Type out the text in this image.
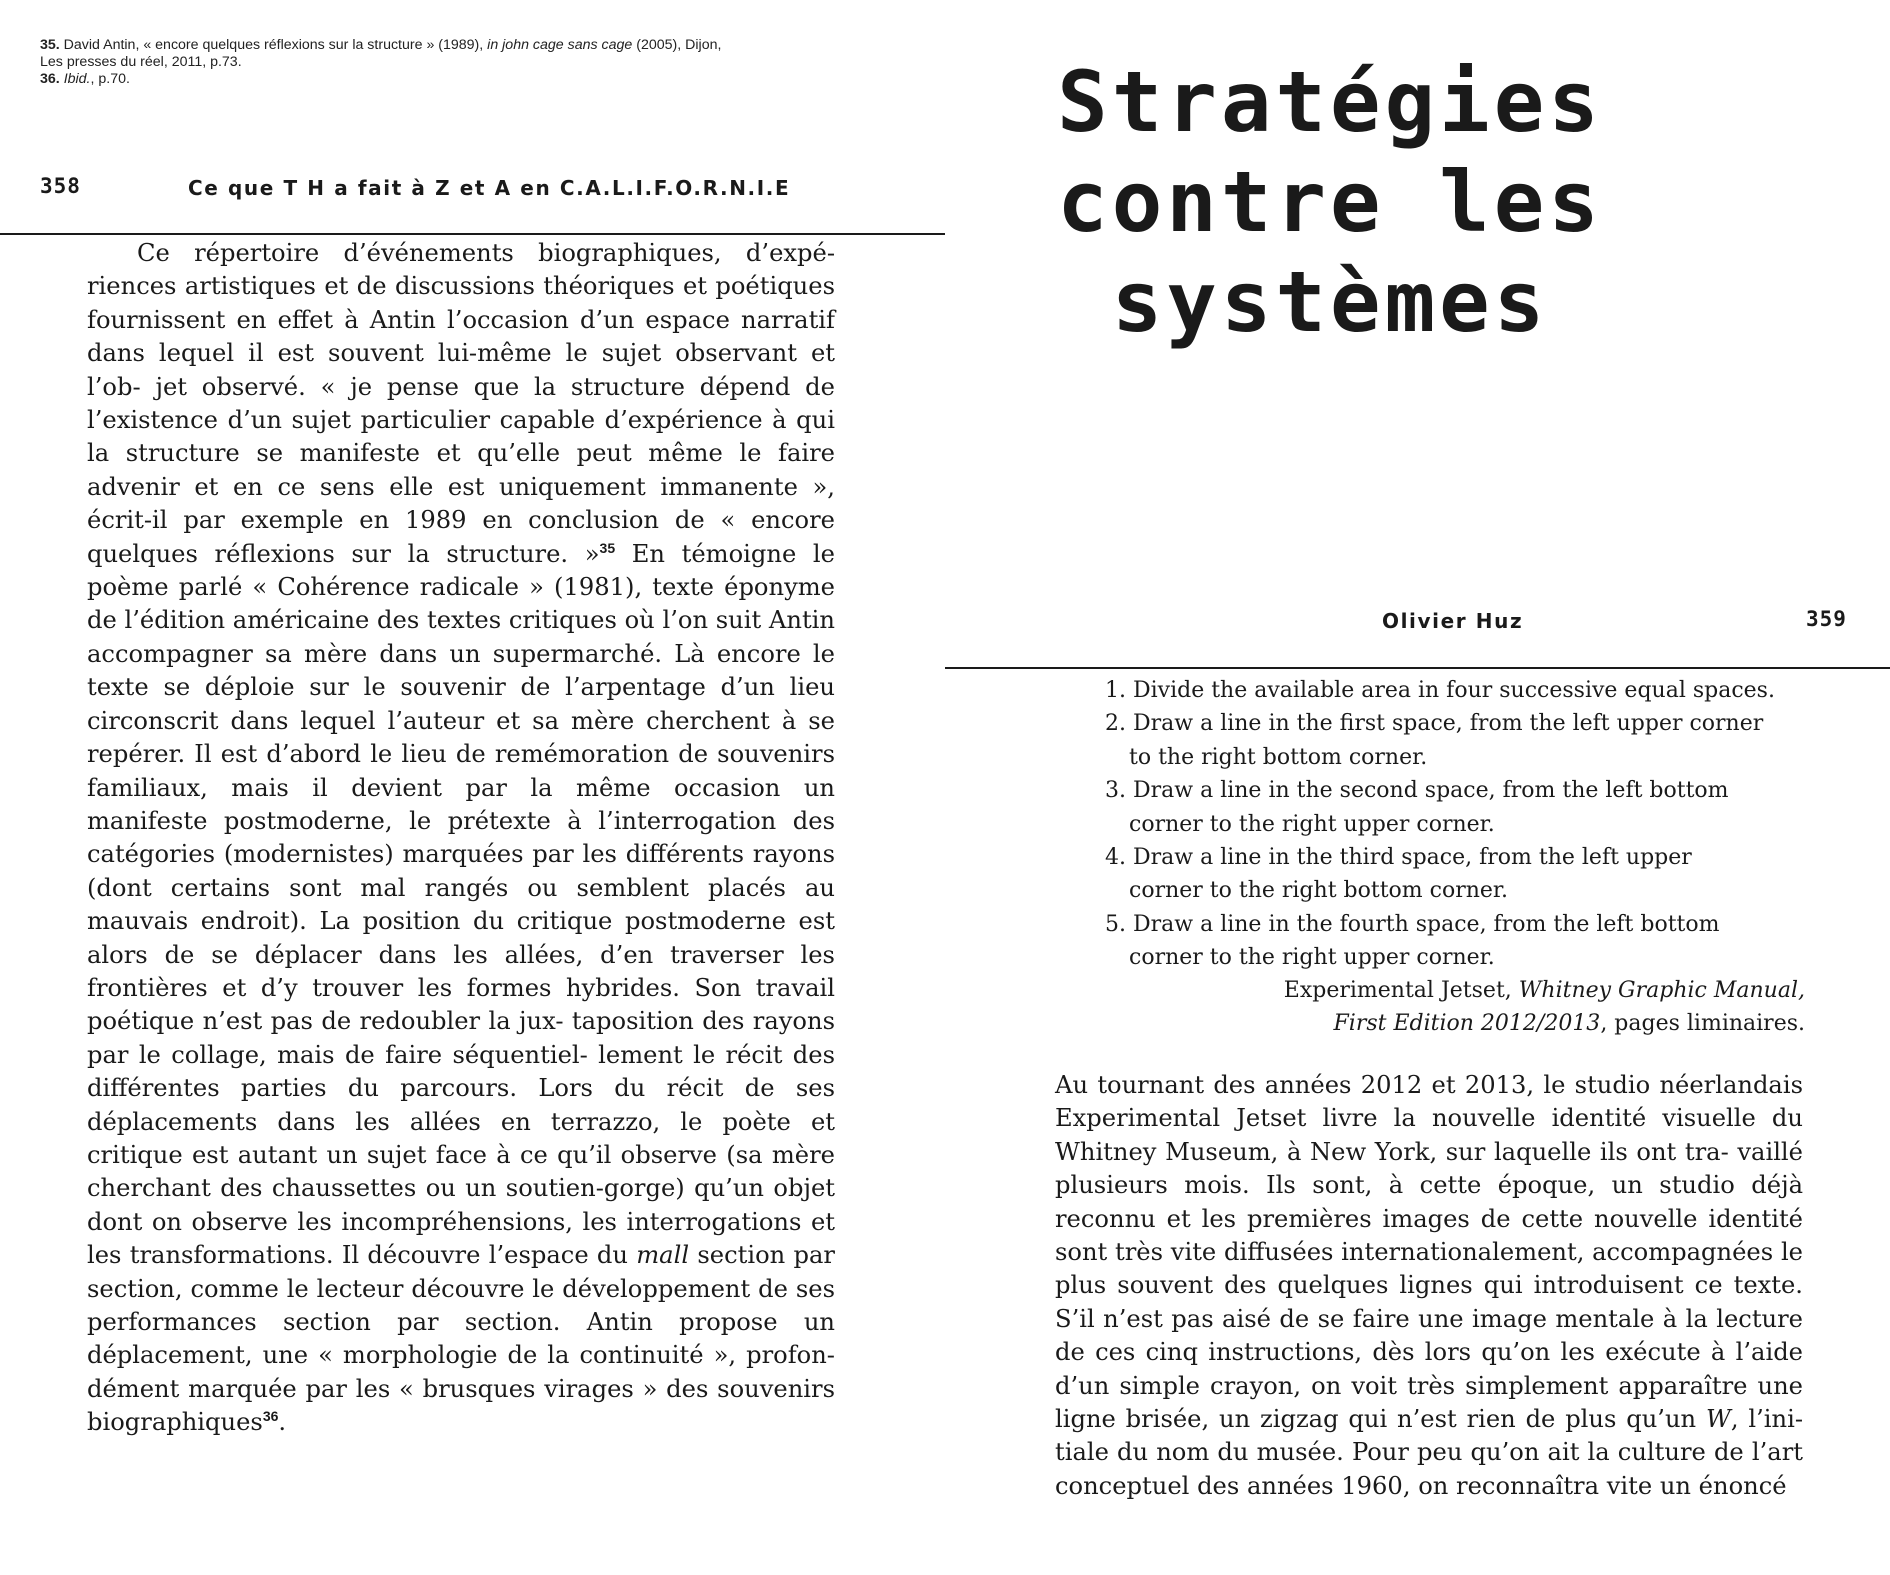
35. David Antin, « encore quelques réflexions sur la structure » (1989), in john cage sans cage (2005), Dijon,

Les presses du réel, 2011, p.73.

36. Ibid., p.70.

358	Ce que T H a fait à Z et A en C.A.L.I.F.O.R.N.I.E

Ce répertoire d’événements biographiques, d’expé- riences artistiques et de discussions théoriques et poétiques fournissent en effet à Antin l’occasion d’un espace narratif dans lequel il est souvent lui-même le sujet observant et l’ob- jet observé. « je pense que la structure dépend de l’existence d’un sujet particulier capable d’expérience à qui la structure se manifeste et qu’elle peut même le faire advenir et en ce sens elle est uniquement immanente », écrit-il par exemple en 1989 en conclusion de « encore quelques réflexions sur la structure. »$^{35}$ En témoigne le poème parlé « Cohérence radicale » (1981), texte éponyme de l’édition américaine des textes critiques où l’on suit Antin accompagner sa mère dans un supermarché. Là encore le texte se déploie sur le souvenir de l’arpentage d’un lieu circonscrit dans lequel l’auteur et sa mère cherchent à se repérer. Il est d’abord le lieu de remémoration de souvenirs familiaux, mais il devient par la même occasion un manifeste postmoderne, le prétexte à l’interrogation des catégories (modernistes) marquées par les différents rayons (dont certains sont mal rangés ou semblent placés au mauvais endroit). La position du critique postmoderne est alors de se déplacer dans les allées, d’en traverser les frontières et d’y trouver les formes hybrides. Son travail poétique n’est pas de redoubler la jux- taposition des rayons par le collage, mais de faire séquentiel- lement le récit des différentes parties du parcours. Lors du récit de ses déplacements dans les allées en terrazzo, le poète et critique est autant un sujet face à ce qu’il observe (sa mère cherchant des chaussettes ou un soutien-gorge) qu’un objet dont on observe les incompréhensions, les interrogations et les transformations. Il découvre l’espace du mall section par section, comme le lecteur découvre le développement de ses performances section par section. Antin propose un déplacement, une « morphologie de la continuité », profon- dément marquée par les « brusques virages » des souvenirs biographiques$^{36}$.

Stratégies
contre les
systèmes
Olivier Huz	359
1. Divide the available area in four successive equal spaces.
2. Draw a line in the first space, from the left upper corner
to the right bottom corner.
3. Draw a line in the second space, from the left bottom
corner to the right upper corner.
4. Draw a line in the third space, from the left upper
corner to the right bottom corner.
5. Draw a line in the fourth space, from the left bottom
corner to the right upper corner.
Experimental Jetset, Whitney Graphic Manual,
First Edition 2012/2013, pages liminaires.

Au tournant des années 2012 et 2013, le studio néerlandais Experimental Jetset livre la nouvelle identité visuelle du Whitney Museum, à New York, sur laquelle ils ont tra- vaillé plusieurs mois. Ils sont, à cette époque, un studio déjà reconnu et les premières images de cette nouvelle identité sont très vite diffusées internationalement, accompagnées le plus souvent des quelques lignes qui introduisent ce texte. S’il n’est pas aisé de se faire une image mentale à la lecture de ces cinq instructions, dès lors qu’on les exécute à l’aide d’un simple crayon, on voit très simplement apparaître une ligne brisée, un zigzag qui n’est rien de plus qu’un W, l’ini- tiale du nom du musée. Pour peu qu’on ait la culture de l’art conceptuel des années 1960, on reconnaîtra vite un énoncé
